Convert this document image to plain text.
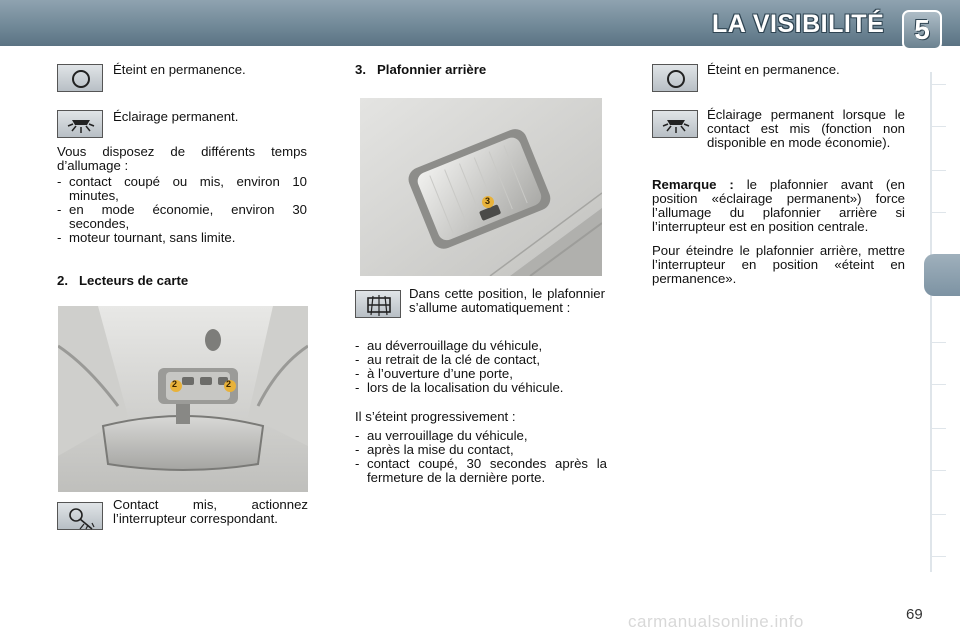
LA VISIBILITÉ	5
Éteint en permanence.
Éclairage permanent.
Vous disposez de différents temps d’allumage :
- contact coupé ou mis, environ 10 minutes,
- en mode économie, environ 30 secondes,
- moteur tournant, sans limite.
2.   Lecteurs de carte
2	2
Contact mis, actionnez l’interrupteur correspondant.
3.   Plafonnier arrière
3
Dans cette position, le plafonnier s’allume automatiquement :
- au déverrouillage du véhicule,
- au retrait de la clé de contact,
- à l’ouverture d’une porte,
- lors de la localisation du véhicule.
Il s’éteint progressivement :
- au verrouillage du véhicule,
- après la mise du contact,
- contact coupé, 30 secondes après la fermeture de la dernière porte.
Éteint en permanence.
Éclairage permanent lorsque le contact est mis (fonction non disponible en mode économie).
Remarque : le plafonnier avant (en position «éclairage permanent») force l’allumage du plafonnier arrière si l’interrupteur est en position centrale.
Pour éteindre le plafonnier arrière, mettre l’interrupteur en position «éteint en permanence».
carmanualsonline.info	69
